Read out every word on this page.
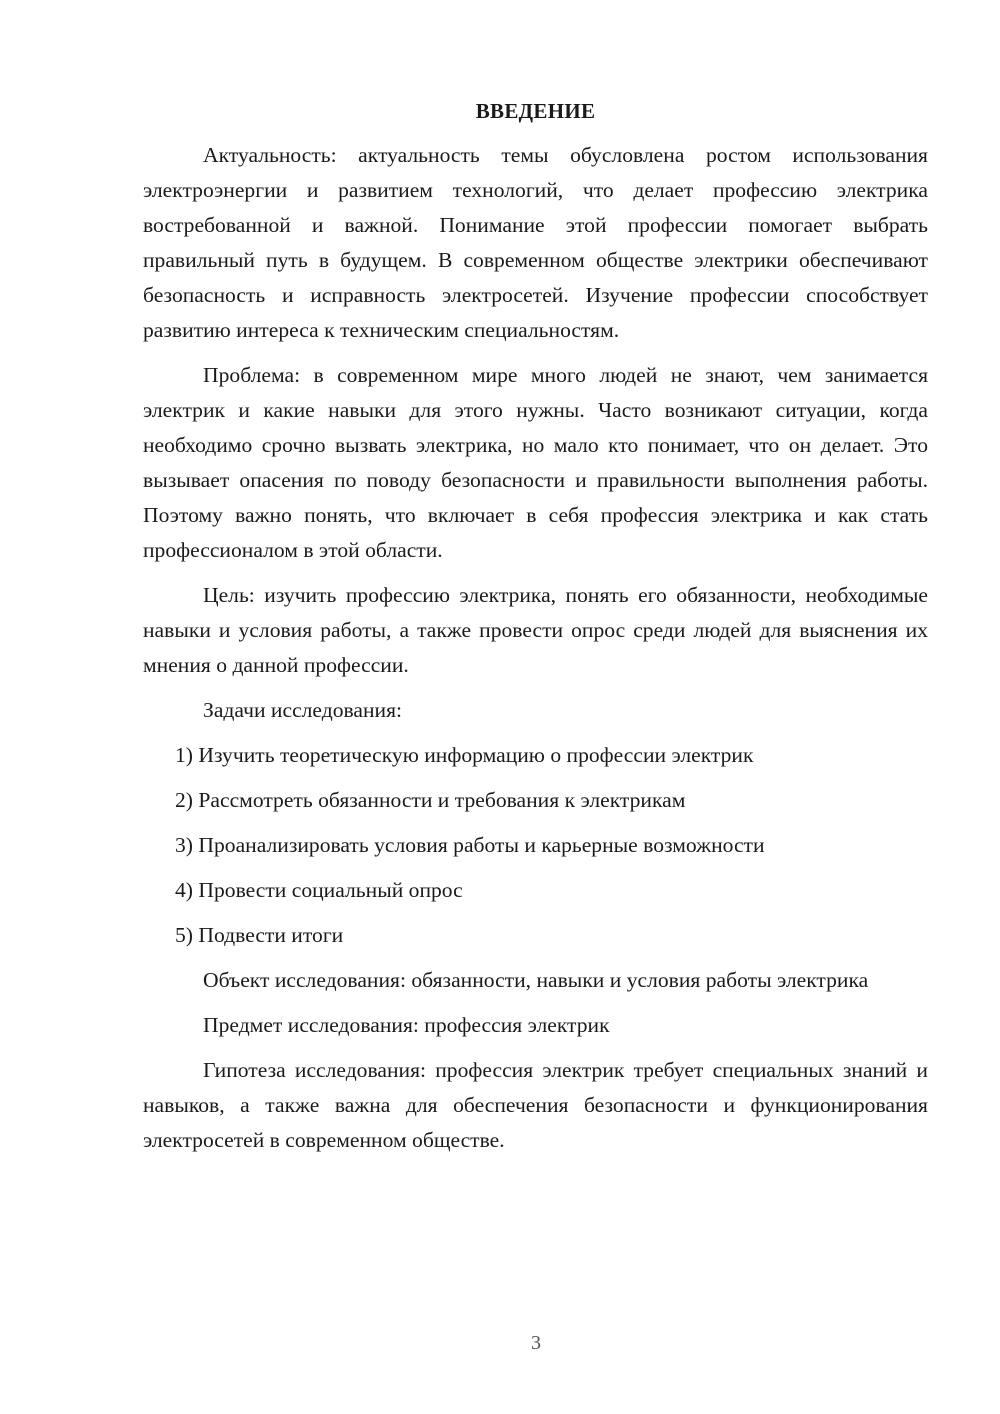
ВВЕДЕНИЕ

Актуальность: актуальность темы обусловлена ростом использования электроэнергии и развитием технологий, что делает профессию электрика востребованной и важной. Понимание этой профессии помогает выбрать правильный путь в будущем. В современном обществе электрики обеспечивают безопасность и исправность электросетей. Изучение профессии способствует развитию интереса к техническим специальностям.

Проблема: в современном мире много людей не знают, чем занимается электрик и какие навыки для этого нужны. Часто возникают ситуации, когда необходимо срочно вызвать электрика, но мало кто понимает, что он делает. Это вызывает опасения по поводу безопасности и правильности выполнения работы. Поэтому важно понять, что включает в себя профессия электрика и как стать профессионалом в этой области.

Цель: изучить профессию электрика, понять его обязанности, необходимые навыки и условия работы, а также провести опрос среди людей для выяснения их мнения о данной профессии.

Задачи исследования:

1) Изучить теоретическую информацию о профессии электрик
2) Рассмотреть обязанности и требования к электрикам
3) Проанализировать условия работы и карьерные возможности
4) Провести социальный опрос
5) Подвести итоги

Объект исследования: обязанности, навыки и условия работы электрика

Предмет исследования: профессия электрик

Гипотеза исследования: профессия электрик требует специальных знаний и навыков, а также важна для обеспечения безопасности и функционирования электросетей в современном обществе.

3
